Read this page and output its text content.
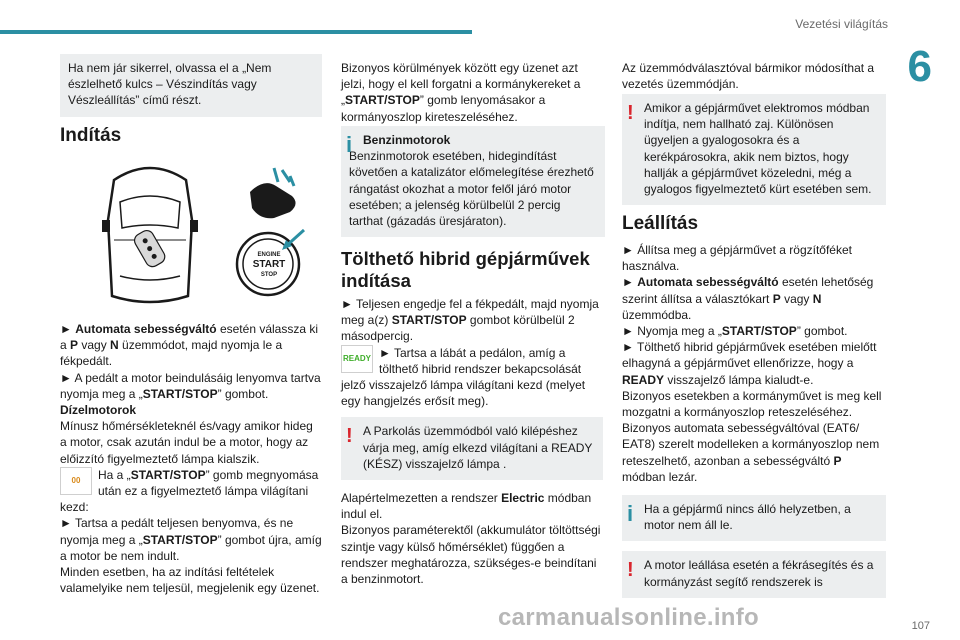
Vezetési világítás
6

Ha nem jár sikerrel, olvassa el a „Nem észlelhető kulcs – Vészindítás vagy Vészleállítás” című részt.

Indítás
ENGINE
START
STOP

► Automata sebességváltó esetén válassza ki a P vagy N üzemmódot, majd nyomja le a fékpedált.

► A pedált a motor beindulásáig lenyomva tartva nyomja meg a „START/STOP” gombot.

Dízelmotorok

Mínusz hőmérsékleteknél és/vagy amikor hideg a motor, csak azután indul be a motor, hogy az előizzító figyelmeztető lámpa kialszik.

00 Ha a „START/STOP” gomb megnyomása után ez a figyelmeztető lámpa világítani kezd:

► Tartsa a pedált teljesen benyomva, és ne nyomja meg a „START/STOP” gombot újra, amíg a motor be nem indult.

Minden esetben, ha az indítási feltételek valamelyike nem teljesül, megjelenik egy üzenet.

Bizonyos körülmények között egy üzenet azt jelzi, hogy el kell forgatni a kormánykereket a „START/STOP” gomb lenyomásakor a kormányoszlop kireteszeléséhez.

i Benzinmotorok

Benzinmotorok esetében, hidegindítást követően a katalizátor előmelegítése érezhető rángatást okozhat a motor felől járó motor esetében; a jelenség körülbelül 2 percig tarthat (gázadás üresjáraton).

Tölthető hibrid gépjárművek indítása

► Teljesen engedje fel a fékpedált, majd nyomja meg a(z) START/STOP gombot körülbelül 2 másodpercig.

READY ► Tartsa a lábát a pedálon, amíg a tölthető hibrid rendszer bekapcsolását jelző visszajelző lámpa világítani kezd (melyet egy hangjelzés erősít meg).

! A Parkolás üzemmódból való kilépéshez várja meg, amíg elkezd világítani a READY (KÉSZ) visszajelző lámpa .

Alapértelmezetten a rendszer Electric módban indul el.

Bizonyos paraméterektől (akkumulátor töltöttségi szintje vagy külső hőmérséklet) függően a rendszer meghatározza, szükséges-e beindítani a benzinmotort.

Az üzemmódválasztóval bármikor módosíthat a vezetés üzemmódján.

! Amikor a gépjárművet elektromos módban indítja, nem hallható zaj. Különösen ügyeljen a gyalogosokra és a kerékpárosokra, akik nem biztos, hogy hallják a gépjárművet közeledni, még a gyalogos figyelmeztető kürt esetében sem.

Leállítás

► Állítsa meg a gépjárművet a rögzítőféket használva.

► Automata sebességváltó esetén lehetőség szerint állítsa a választókart P vagy N üzemmódba.

► Nyomja meg a „START/STOP” gombot.

► Tölthető hibrid gépjárművek esetében mielőtt elhagyná a gépjárművet ellenőrizze, hogy a READY visszajelző lámpa kialudt-e.

Bizonyos esetekben a kormányművet is meg kell mozgatni a kormányoszlop reteszeléséhez.

Bizonyos automata sebességváltóval (EAT6/ EAT8) szerelt modelleken a kormányoszlop nem reteszelhető, azonban a sebességváltó P módban lezár.

i Ha a gépjármű nincs álló helyzetben, a motor nem áll le.

! A motor leállása esetén a fékrásegítés és a kormányzást segítő rendszerek is

carmanualsonline.info	107
